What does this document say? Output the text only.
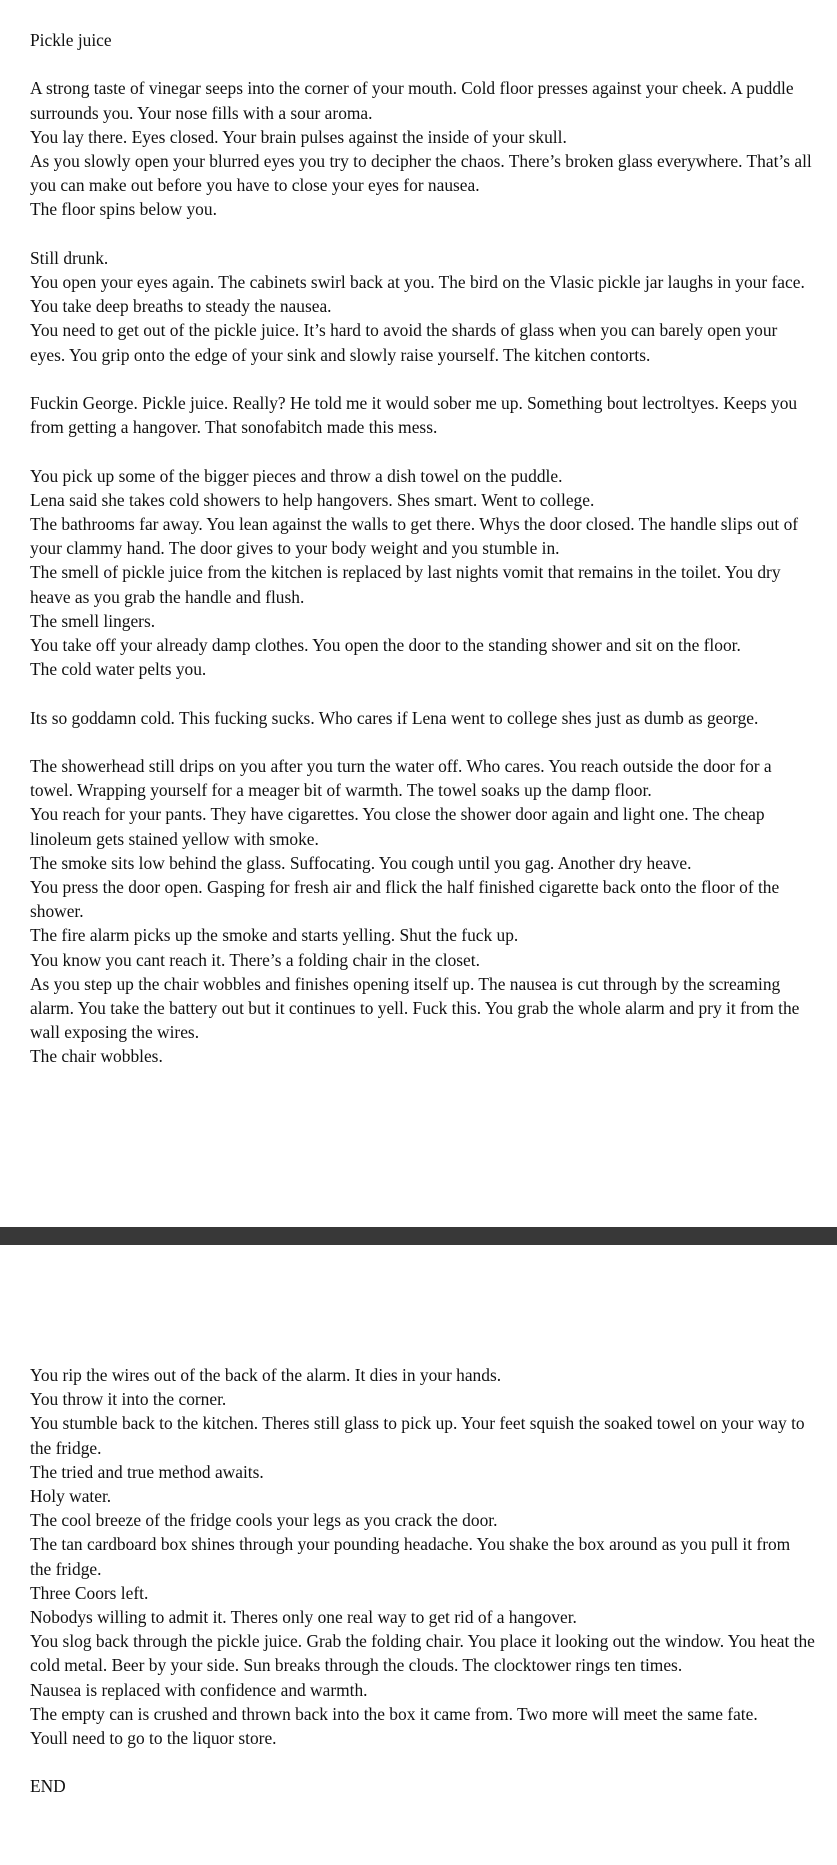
Pickle juice
A strong taste of vinegar seeps into the corner of your mouth. Cold floor presses against your cheek. A puddle surrounds you. Your nose fills with a sour aroma.
You lay there. Eyes closed. Your brain pulses against the inside of your skull.
As you slowly open your blurred eyes you try to decipher the chaos. There’s broken glass everywhere. That’s all you can make out before you have to close your eyes for nausea.
The floor spins below you.
Still drunk.
You open your eyes again. The cabinets swirl back at you. The bird on the Vlasic pickle jar laughs in your face.
You take deep breaths to steady the nausea.
You need to get out of the pickle juice. It’s hard to avoid the shards of glass when you can barely open your eyes. You grip onto the edge of your sink and slowly raise yourself. The kitchen contorts.
Fuckin George. Pickle juice. Really? He told me it would sober me up. Something bout lectroltyes. Keeps you from getting a hangover. That sonofabitch made this mess.
You pick up some of the bigger pieces and throw a dish towel on the puddle.
Lena said she takes cold showers to help hangovers. Shes smart. Went to college.
The bathrooms far away. You lean against the walls to get there. Whys the door closed. The handle slips out of your clammy hand. The door gives to your body weight and you stumble in.
The smell of pickle juice from the kitchen is replaced by last nights vomit that remains in the toilet. You dry heave as you grab the handle and flush.
The smell lingers.
You take off your already damp clothes. You open the door to the standing shower and sit on the floor.
The cold water pelts you.
Its so goddamn cold. This fucking sucks. Who cares if Lena went to college shes just as dumb as george.
The showerhead still drips on you after you turn the water off. Who cares. You reach outside the door for a towel. Wrapping yourself for a meager bit of warmth. The towel soaks up the damp floor.
You reach for your pants. They have cigarettes. You close the shower door again and light one. The cheap linoleum gets stained yellow with smoke.
The smoke sits low behind the glass. Suffocating. You cough until you gag. Another dry heave.
You press the door open. Gasping for fresh air and flick the half finished cigarette back onto the floor of the shower.
The fire alarm picks up the smoke and starts yelling. Shut the fuck up.
You know you cant reach it. There’s a folding chair in the closet.
As you step up the chair wobbles and finishes opening itself up. The nausea is cut through by the screaming alarm. You take the battery out but it continues to yell. Fuck this. You grab the whole alarm and pry it from the wall exposing the wires.
The chair wobbles.
You rip the wires out of the back of the alarm. It dies in your hands.
You throw it into the corner.
You stumble back to the kitchen. Theres still glass to pick up. Your feet squish the soaked towel on your way to the fridge.
The tried and true method awaits.
Holy water.
The cool breeze of the fridge cools your legs as you crack the door.
The tan cardboard box shines through your pounding headache. You shake the box around as you pull it from the fridge.
Three Coors left.
Nobodys willing to admit it. Theres only one real way to get rid of a hangover.
You slog back through the pickle juice. Grab the folding chair. You place it looking out the window. You heat the cold metal. Beer by your side. Sun breaks through the clouds. The clocktower rings ten times.
Nausea is replaced with confidence and warmth.
The empty can is crushed and thrown back into the box it came from. Two more will meet the same fate.
Youll need to go to the liquor store.
END
